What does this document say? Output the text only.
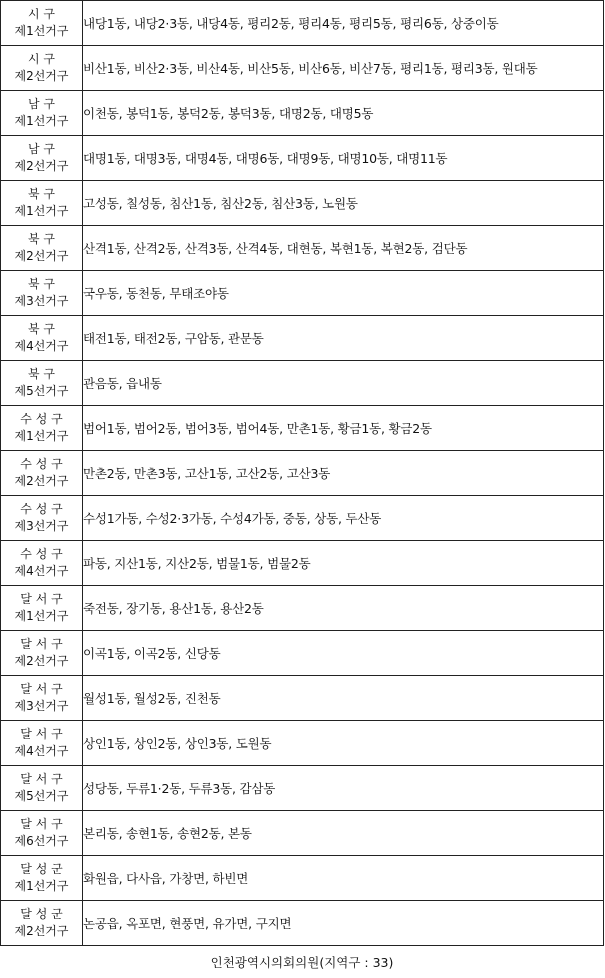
시 구
제1선거구	내당1동, 내당2·3동, 내당4동, 평리2동, 평리4동, 평리5동, 평리6동, 상중이동

시 구
제2선거구	비산1동, 비산2·3동, 비산4동, 비산5동, 비산6동, 비산7동, 평리1동, 평리3동, 원대동

남 구
제1선거구	이천동, 봉덕1동, 봉덕2동, 봉덕3동, 대명2동, 대명5동

남 구
제2선거구	대명1동, 대명3동, 대명4동, 대명6동, 대명9동, 대명10동, 대명11동

북 구
제1선거구	고성동, 칠성동, 침산1동, 침산2동, 침산3동, 노원동

북 구
제2선거구	산격1동, 산격2동, 산격3동, 산격4동, 대현동, 복현1동, 복현2동, 검단동

북 구
제3선거구	국우동, 동천동, 무태조야동

북 구
제4선거구	태전1동, 태전2동, 구암동, 관문동

북 구
제5선거구	관음동, 읍내동

수 성 구
제1선거구	범어1동, 범어2동, 범어3동, 범어4동, 만촌1동, 황금1동, 황금2동

수 성 구
제2선거구	만촌2동, 만촌3동, 고산1동, 고산2동, 고산3동

수 성 구
제3선거구	수성1가동, 수성2·3가동, 수성4가동, 중동, 상동, 두산동

수 성 구
제4선거구	파동, 지산1동, 지산2동, 범물1동, 범물2동

달 서 구
제1선거구	죽전동, 장기동, 용산1동, 용산2동

달 서 구
제2선거구	이곡1동, 이곡2동, 신당동

달 서 구
제3선거구	월성1동, 월성2동, 진천동

달 서 구
제4선거구	상인1동, 상인2동, 상인3동, 도원동

달 서 구
제5선거구	성당동, 두류1·2동, 두류3동, 감삼동

달 서 구
제6선거구	본리동, 송현1동, 송현2동, 본동

달 성 군
제1선거구	화원읍, 다사읍, 가창면, 하빈면

달 성 군
제2선거구	논공읍, 옥포면, 현풍면, 유가면, 구지면
인천광역시의회의원(지역구 : 33)
